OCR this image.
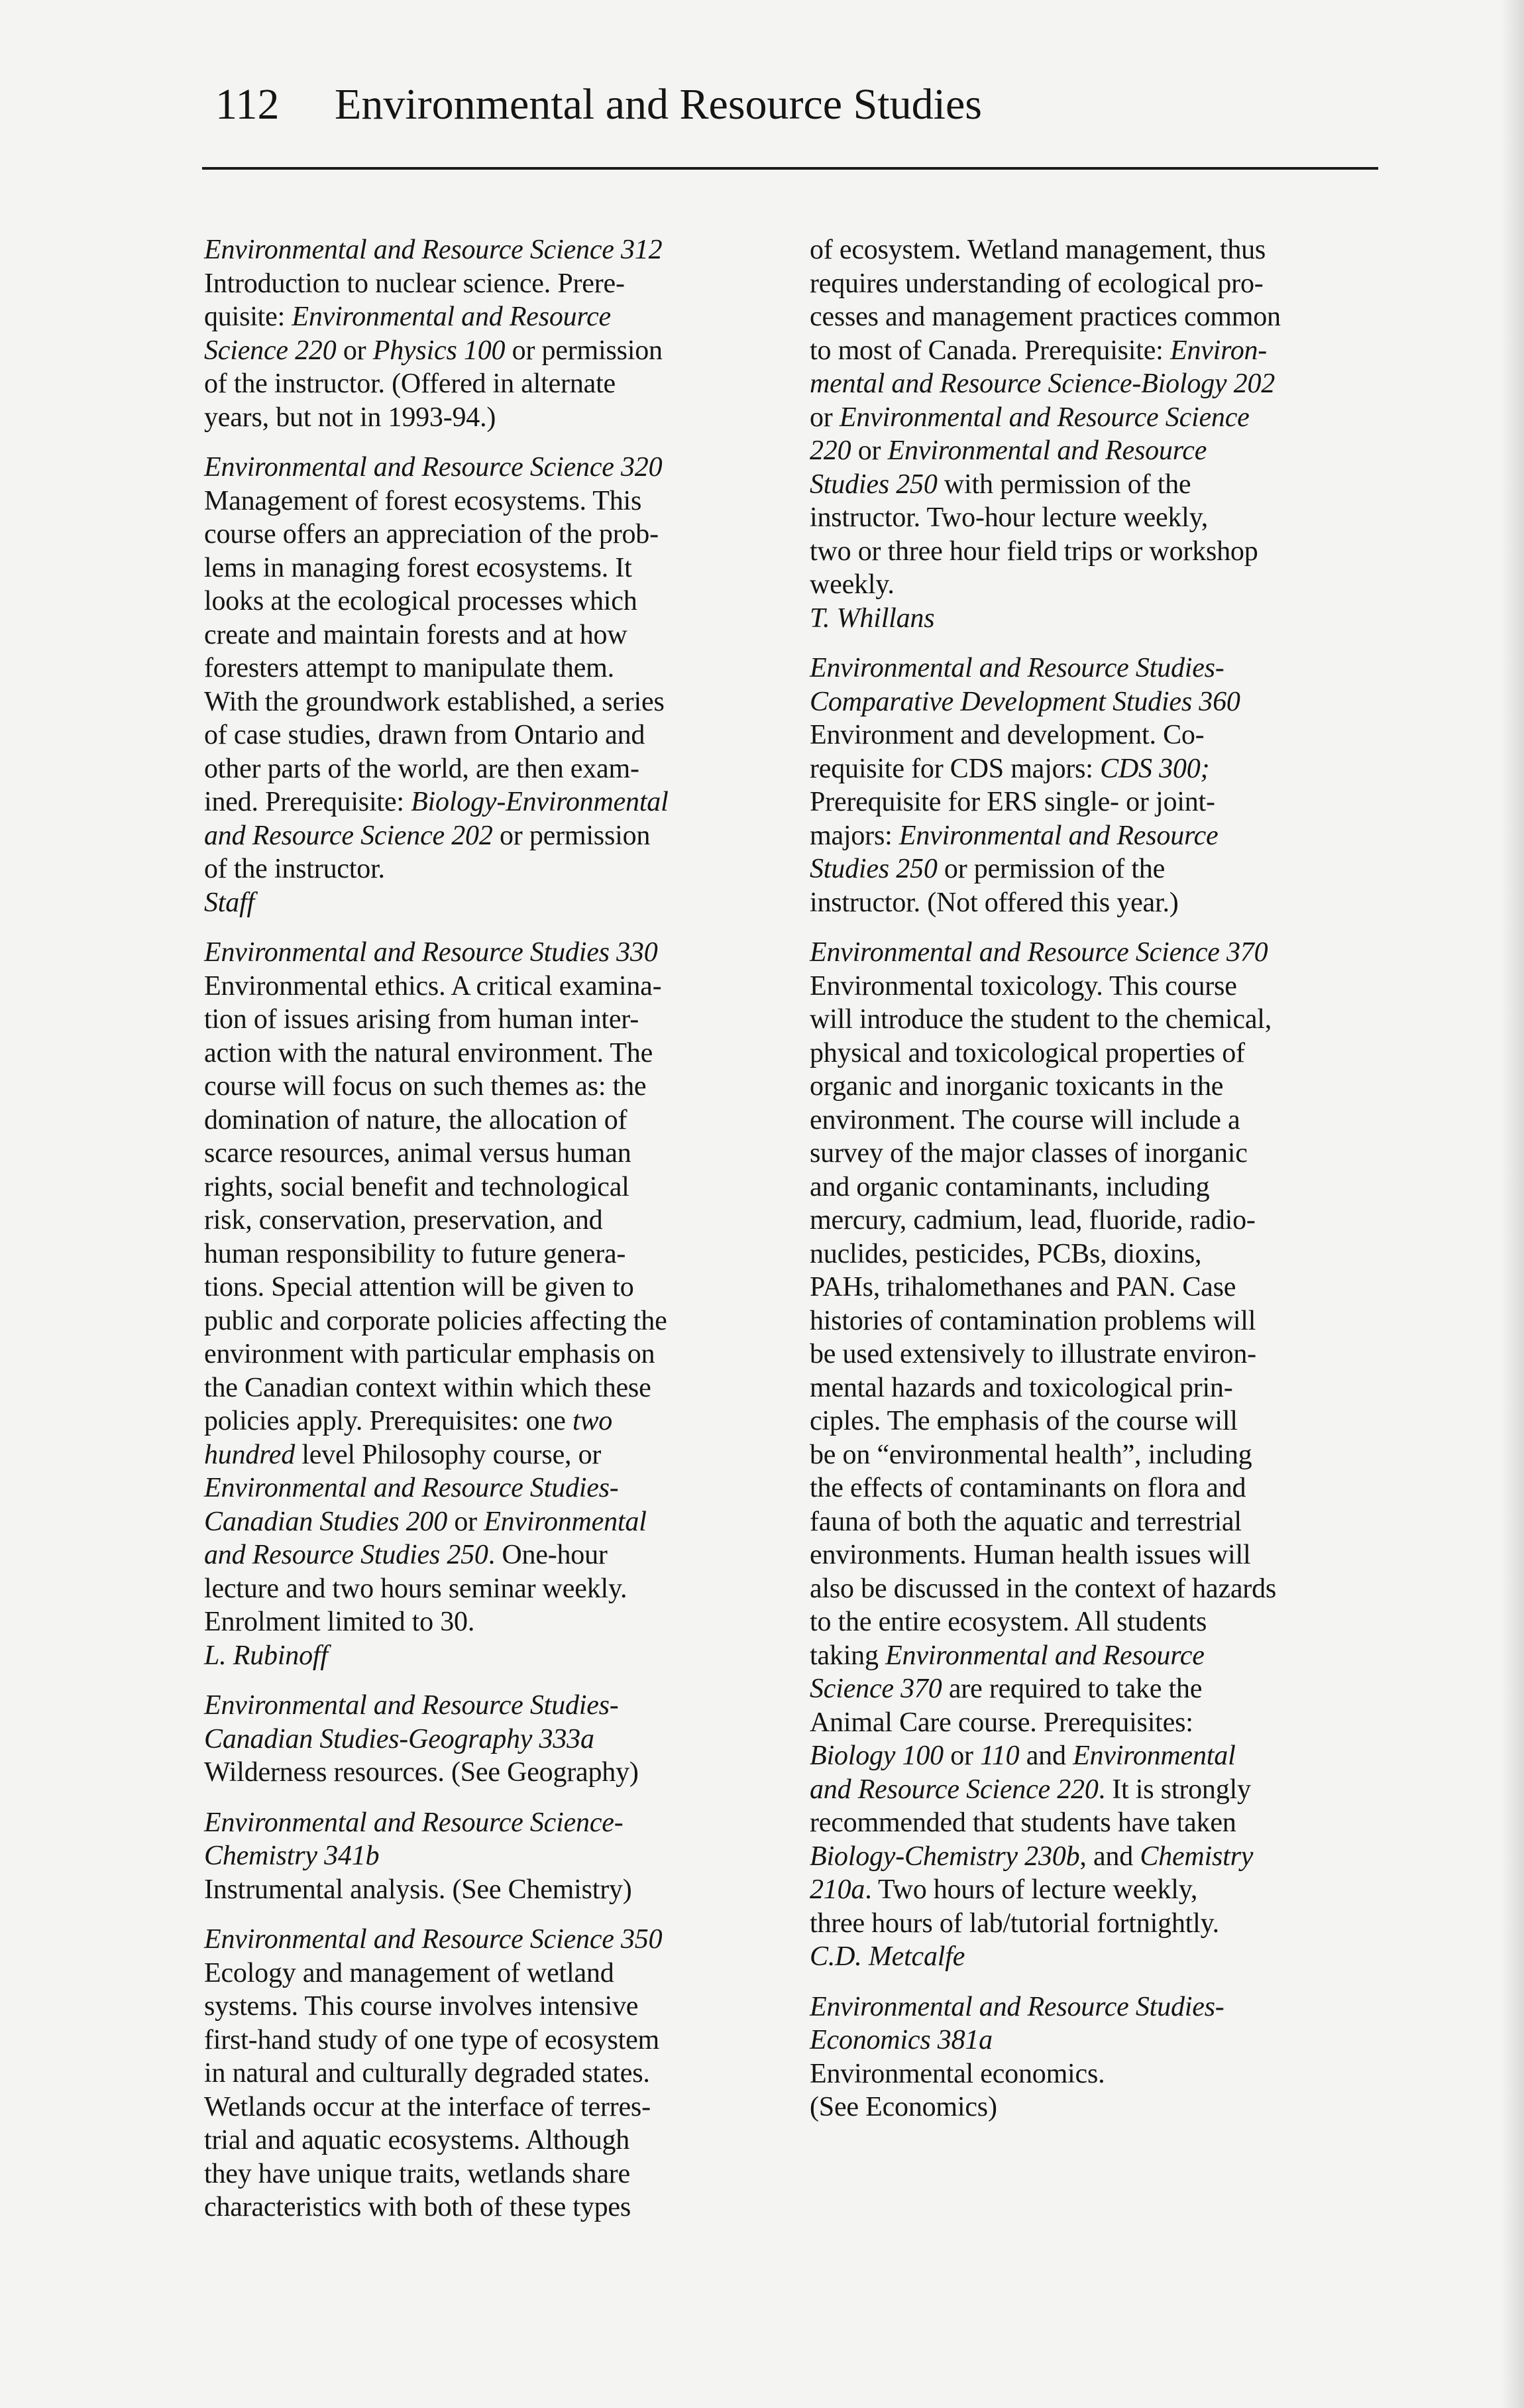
112 Environmental and Resource Studies
Environmental and Resource Science 312
Introduction to nuclear science. Prere-
quisite: Environmental and Resource
Science 220 or Physics 100 or permission
of the instructor. (Offered in alternate
years, but not in 1993-94.)
Environmental and Resource Science 320
Management of forest ecosystems. This
course offers an appreciation of the prob-
lems in managing forest ecosystems. It
looks at the ecological processes which
create and maintain forests and at how
foresters attempt to manipulate them.
With the groundwork established, a series
of case studies, drawn from Ontario and
other parts of the world, are then exam-
ined. Prerequisite: Biology-Environmental
and Resource Science 202 or permission
of the instructor.
Staff
Environmental and Resource Studies 330
Environmental ethics. A critical examina-
tion of issues arising from human inter-
action with the natural environment. The
course will focus on such themes as: the
domination of nature, the allocation of
scarce resources, animal versus human
rights, social benefit and technological
risk, conservation, preservation, and
human responsibility to future genera-
tions. Special attention will be given to
public and corporate policies affecting the
environment with particular emphasis on
the Canadian context within which these
policies apply. Prerequisites: one two
hundred level Philosophy course, or
Environmental and Resource Studies-
Canadian Studies 200 or Environmental
and Resource Studies 250. One-hour
lecture and two hours seminar weekly.
Enrolment limited to 30.
L. Rubinoff
Environmental and Resource Studies-
Canadian Studies-Geography 333a
Wilderness resources. (See Geography)
Environmental and Resource Science-
Chemistry 341b
Instrumental analysis. (See Chemistry)
Environmental and Resource Science 350
Ecology and management of wetland
systems. This course involves intensive
first-hand study of one type of ecosystem
in natural and culturally degraded states.
Wetlands occur at the interface of terres-
trial and aquatic ecosystems. Although
they have unique traits, wetlands share
characteristics with both of these types
of ecosystem. Wetland management, thus
requires understanding of ecological pro-
cesses and management practices common
to most of Canada. Prerequisite: Environ-
mental and Resource Science-Biology 202
or Environmental and Resource Science
220 or Environmental and Resource
Studies 250 with permission of the
instructor. Two-hour lecture weekly,
two or three hour field trips or workshop
weekly.
T. Whillans
Environmental and Resource Studies-
Comparative Development Studies 360
Environment and development. Co-
requisite for CDS majors: CDS 300;
Prerequisite for ERS single- or joint-
majors: Environmental and Resource
Studies 250 or permission of the
instructor. (Not offered this year.)
Environmental and Resource Science 370
Environmental toxicology. This course
will introduce the student to the chemical,
physical and toxicological properties of
organic and inorganic toxicants in the
environment. The course will include a
survey of the major classes of inorganic
and organic contaminants, including
mercury, cadmium, lead, fluoride, radio-
nuclides, pesticides, PCBs, dioxins,
PAHs, trihalomethanes and PAN. Case
histories of contamination problems will
be used extensively to illustrate environ-
mental hazards and toxicological prin-
ciples. The emphasis of the course will
be on “environmental health”, including
the effects of contaminants on flora and
fauna of both the aquatic and terrestrial
environments. Human health issues will
also be discussed in the context of hazards
to the entire ecosystem. All students
taking Environmental and Resource
Science 370 are required to take the
Animal Care course. Prerequisites:
Biology 100 or 110 and Environmental
and Resource Science 220. It is strongly
recommended that students have taken
Biology-Chemistry 230b, and Chemistry
210a. Two hours of lecture weekly,
three hours of lab/tutorial fortnightly.
C.D. Metcalfe
Environmental and Resource Studies-
Economics 381a
Environmental economics.
(See Economics)
